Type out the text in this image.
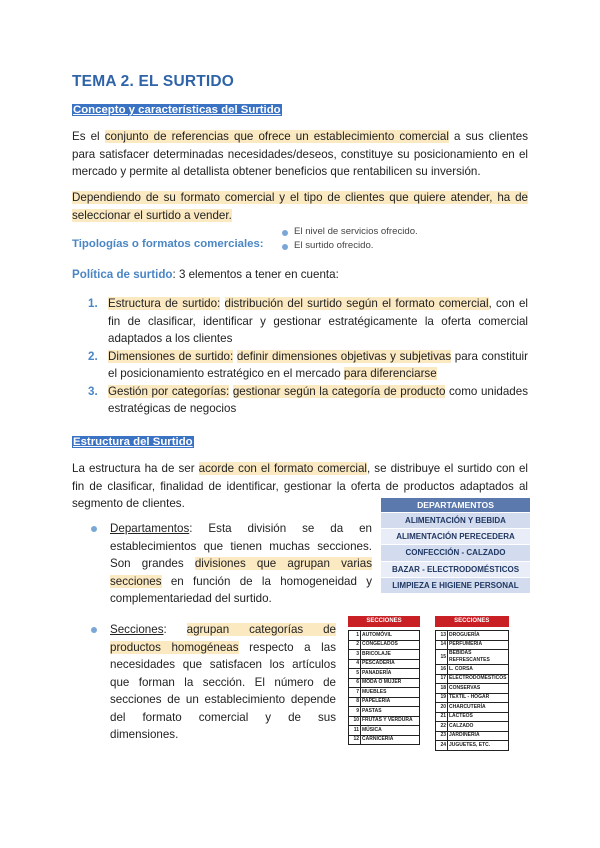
TEMA 2. EL SURTIDO
Concepto y características del Surtido
Es el conjunto de referencias que ofrece un establecimiento comercial a sus clientes para satisfacer determinadas necesidades/deseos, constituye su posicionamiento en el mercado y permite al detallista obtener beneficios que rentabilicen su inversión.
Dependiendo de su formato comercial y el tipo de clientes que quiere atender, ha de seleccionar el surtido a vender.
Tipologías o formatos comerciales:
El nivel de servicios ofrecido.
El surtido ofrecido.
Política de surtido: 3 elementos a tener en cuenta:
1. Estructura de surtido: distribución del surtido según el formato comercial, con el fin de clasificar, identificar y gestionar estratégicamente la oferta comercial adaptados a los clientes
2. Dimensiones de surtido: definir dimensiones objetivas y subjetivas para constituir el posicionamiento estratégico en el mercado para diferenciarse
3. Gestión por categorías: gestionar según la categoría de producto como unidades estratégicas de negocios
Estructura del Surtido
La estructura ha de ser acorde con el formato comercial, se distribuye el surtido con el fin de clasificar, finalidad de identificar, gestionar la oferta de productos adaptados al segmento de clientes.
Departamentos: Esta división se da en establecimientos que tienen muchas secciones. Son grandes divisiones que agrupan varias secciones en función de la homogeneidad y complementariedad del surtido.
DEPARTAMENTOS
ALIMENTACIÓN Y BEBIDA
ALIMENTACIÓN PERECEDERA
CONFECCIÓN - CALZADO
BAZAR - ELECTRODOMÉSTICOS
LIMPIEZA E HIGIENE PERSONAL
Secciones: agrupan categorías de productos homogéneas respecto a las necesidades que satisfacen los artículos que forman la sección. El número de secciones de un establecimiento depende del formato comercial y de sus dimensiones.
SECCIONES	

1	AUTOMÓVIL
2	CONGELADOS
3	BRICOLAJE
4	PESCADERÍA
5	PANADERÍA
6	MODA Ó MUJER
7	MUEBLES
8	PAPELERÍA
9	PASTAS
10	FRUTAS Y VERDURA
11	MÚSICA
12	CARNICERÍA
SECCIONES	

13	DROGUERÍA
14	PERFUMERÍA
15	BEBIDAS REFRESCANTES
16	L. CORSA
17	ELECTRODOMÉSTICOS
18	CONSERVAS
19	TEXTIL - HOGAR
20	CHARCUTERÍA
21	LÁCTEOS
22	CALZADO
23	JARDINERÍA
24	JUGUETES, ETC.
